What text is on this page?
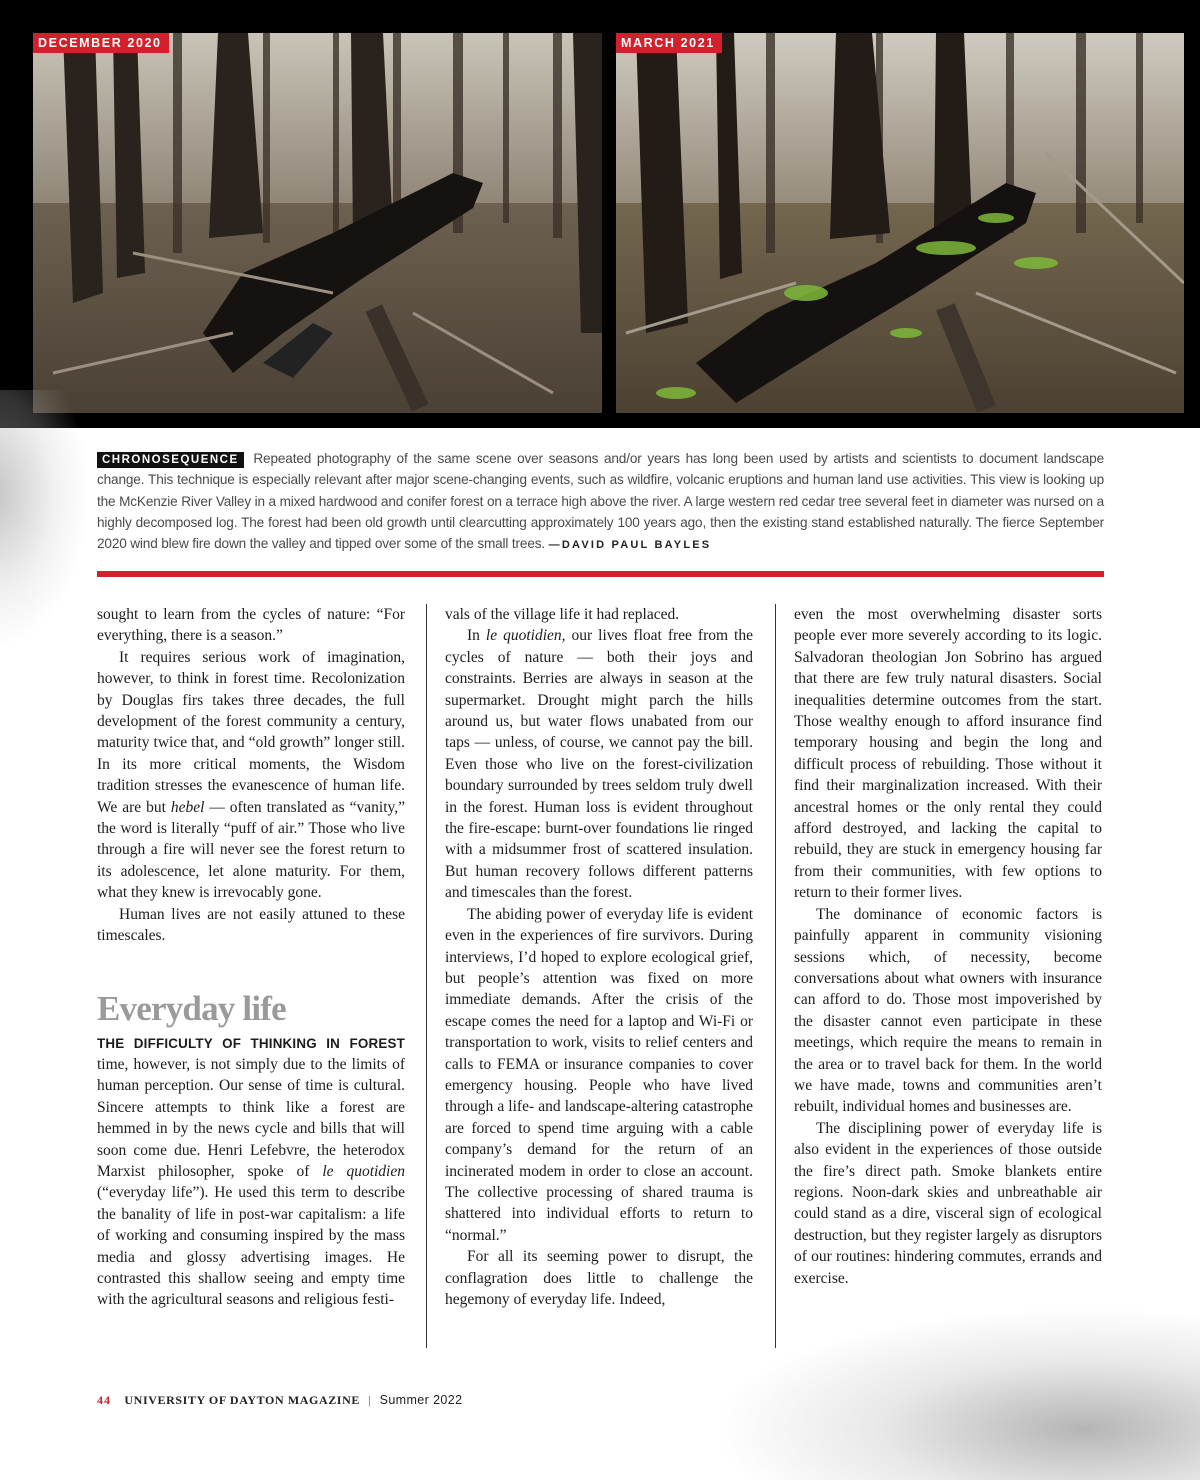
DECEMBER 2020	MARCH 2021
CHRONOSEQUENCE Repeated photography of the same scene over seasons and/or years has long been used by artists and scientists to document landscape change. This technique is especially relevant after major scene-changing events, such as wildfire, volcanic eruptions and human land use activities. This view is looking up the McKenzie River Valley in a mixed hardwood and conifer forest on a terrace high above the river. A large western red cedar tree several feet in diameter was nursed on a highly decomposed log. The forest had been old growth until clearcutting approximately 100 years ago, then the existing stand established naturally. The fierce September 2020 wind blew fire down the valley and tipped over some of the small trees. —DAVID PAUL BAYLES

sought to learn from the cycles of nature: “For everything, there is a season.”

It requires serious work of imagination, however, to think in forest time. Recolonization by Douglas firs takes three decades, the full development of the forest community a century, maturity twice that, and “old growth” longer still. In its more critical moments, the Wisdom tradition stresses the evanescence of human life. We are but hebel — often translated as “vanity,” the word is literally “puff of air.” Those who live through a fire will never see the forest return to its adolescence, let alone maturity. For them, what they knew is irrevocably gone.

Human lives are not easily attuned to these timescales.

Everyday life

THE DIFFICULTY OF THINKING IN FOREST time, however, is not simply due to the limits of human perception. Our sense of time is cultural. Sincere attempts to think like a forest are hemmed in by the news cycle and bills that will soon come due. Henri Lefebvre, the heterodox Marxist philosopher, spoke of le quotidien (“everyday life”). He used this term to describe the banality of life in post-war capitalism: a life of working and consuming inspired by the mass media and glossy advertising images. He contrasted this shallow seeing and empty time with the agricultural seasons and religious festi-

vals of the village life it had replaced.

In le quotidien, our lives float free from the cycles of nature — both their joys and constraints. Berries are always in season at the supermarket. Drought might parch the hills around us, but water flows unabated from our taps — unless, of course, we cannot pay the bill. Even those who live on the forest-civilization boundary surrounded by trees seldom truly dwell in the forest. Human loss is evident throughout the fire-escape: burnt-over foundations lie ringed with a midsummer frost of scattered insulation. But human recovery follows different patterns and timescales than the forest.

The abiding power of everyday life is evident even in the experiences of fire survivors. During interviews, I’d hoped to explore ecological grief, but people’s attention was fixed on more immediate demands. After the crisis of the escape comes the need for a laptop and Wi-Fi or transportation to work, visits to relief centers and calls to FEMA or insurance companies to cover emergency housing. People who have lived through a life- and landscape-altering catastrophe are forced to spend time arguing with a cable company’s demand for the return of an incinerated modem in order to close an account. The collective processing of shared trauma is shattered into individual efforts to return to “normal.”

For all its seeming power to disrupt, the conflagration does little to challenge the hegemony of everyday life. Indeed,

even the most overwhelming disaster sorts people ever more severely according to its logic. Salvadoran theologian Jon Sobrino has argued that there are few truly natural disasters. Social inequalities determine outcomes from the start. Those wealthy enough to afford insurance find temporary housing and begin the long and difficult process of rebuilding. Those without it find their marginalization increased. With their ancestral homes or the only rental they could afford destroyed, and lacking the capital to rebuild, they are stuck in emergency housing far from their communities, with few options to return to their former lives.

The dominance of economic factors is painfully apparent in community visioning sessions which, of necessity, become conversations about what owners with insurance can afford to do. Those most impoverished by the disaster cannot even participate in these meetings, which require the means to remain in the area or to travel back for them. In the world we have made, towns and communities aren’t rebuilt, individual homes and businesses are.

The disciplining power of everyday life is also evident in the experiences of those outside the fire’s direct path. Smoke blankets entire regions. Noon-dark skies and unbreathable air could stand as a dire, visceral sign of ecological destruction, but they register largely as disruptors of our routines: hindering commutes, errands and exercise.

44 UNIVERSITY OF DAYTON MAGAZINE | Summer 2022
